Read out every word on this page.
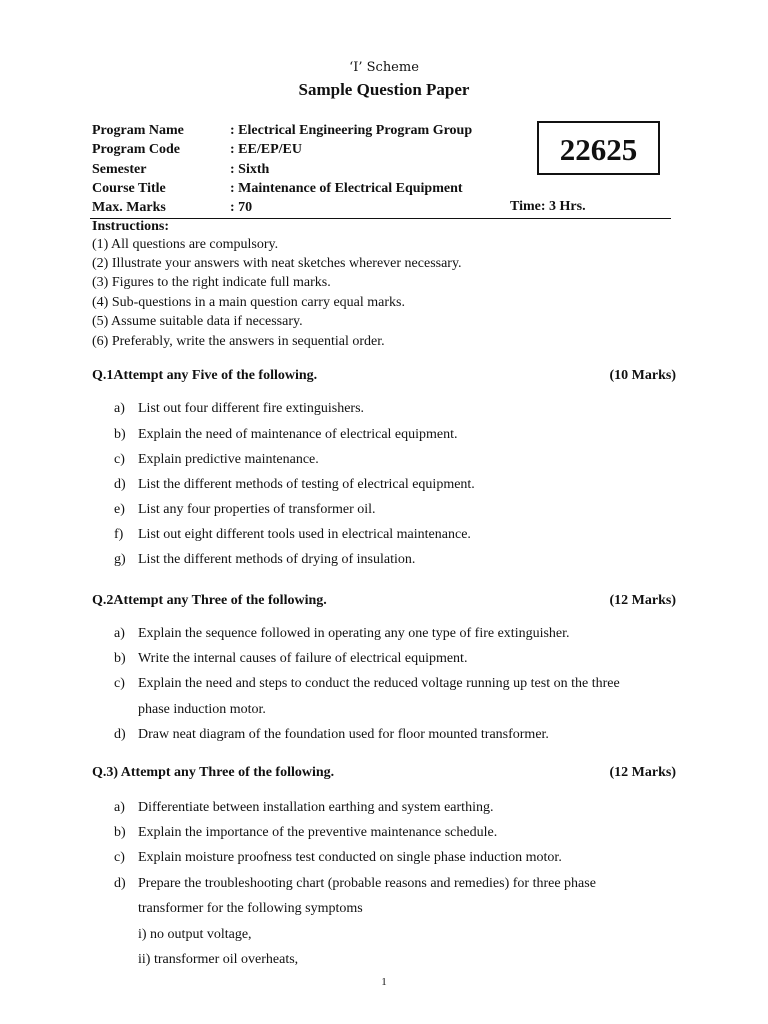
‘I’ Scheme
Sample Question Paper
Program Name	: Electrical Engineering Program Group
Program Code	: EE/EP/EU
Semester	: Sixth
Course Title	: Maintenance of Electrical Equipment
Max. Marks	: 70
22625
Time: 3 Hrs.
Instructions:
(1) All questions are compulsory.
(2) Illustrate your answers with neat sketches wherever necessary.
(3) Figures to the right indicate full marks.
(4) Sub-questions in a main question carry equal marks.
(5) Assume suitable data if necessary.
(6) Preferably, write the answers in sequential order.
Q.1Attempt any Five of the following.	(10 Marks)
a) List out four different fire extinguishers.
b) Explain the need of maintenance of electrical equipment.
c) Explain predictive maintenance.
d) List the different methods of testing of electrical equipment.
e) List any four properties of transformer oil.
f) List out eight different tools used in electrical maintenance.
g) List the different methods of drying of insulation.
Q.2Attempt any Three of the following.	(12 Marks)
a) Explain the sequence followed in operating any one type of fire extinguisher.
b) Write the internal causes of failure of electrical equipment.
c) Explain the need and steps to conduct the reduced voltage running up test on the three
phase induction motor.
d) Draw neat diagram of the foundation used for floor mounted transformer.
Q.3) Attempt any Three of the following.	(12 Marks)
a) Differentiate between installation earthing and system earthing.
b) Explain the importance of the preventive maintenance schedule.
c) Explain moisture proofness test conducted on single phase induction motor.
d) Prepare the troubleshooting chart (probable reasons and remedies) for three phase
transformer for the following symptoms
i) no output voltage,
ii) transformer oil overheats,
1
